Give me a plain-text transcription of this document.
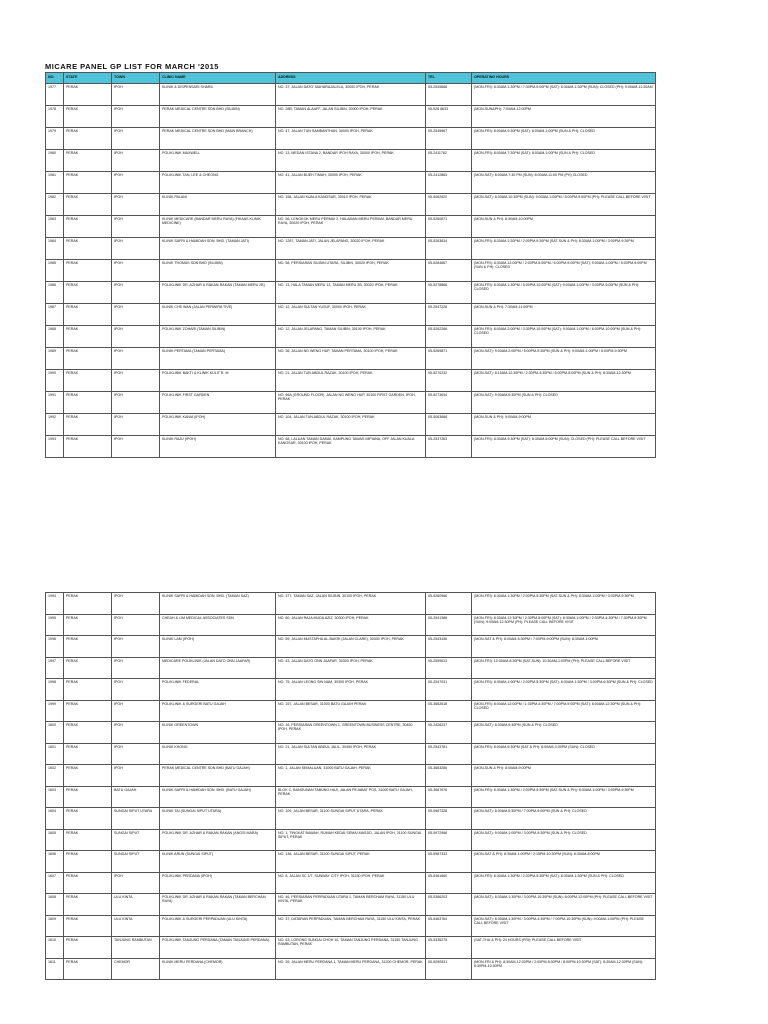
MICARE PANEL GP LIST FOR MARCH '2015
NO.	STATE	TOWN	CLINIC NAME	ADDRESS	TEL	OPERATING HOURS
1977	PERAK	IPOH	KLINIK & DISPENSARI SHARIL	NO. 37, JALAN DATO' MAHARAJALELA, 30000 IPOH, PERAK	05-2545668	(MON-FRI): 8:30AM-1:30PM / 7:30PM-9:00PM (SAT): 8:30AM-1:30PM (SUN): CLOSED (PH): 9:00AM-11:30AM
1978	PERAK	IPOH	PERAK MEDICAL CENTRE SDN BHD (SILIBIN)	NO. 28B, TAMAN ALAAFF, JALAN SILIBIN, 30000 IPOH, PERAK	05-526 8633	(MON-SUN&PH): 7:00AM-12:00PM
1979	PERAK	IPOH	PERAK MEDICAL CENTRE SDN BHD (MAIN BRANCH)	NO. 47, JALAN TUN SAMBANTHAN, 30000 IPOH, PERAK	05-2545667	(MON-FRI): 8:00AM-9:30PM (SAT): 8:00AM-1:00PM (SUN & PH): CLOSED
1980	PERAK	IPOH	POLIKLINIK MAXWELL	NO. 13, MEDAN ISTANA 2, BANDAR IPOH RAYA, 30000 IPOH, PERAK	05-2411762	(MON-FRI): 8:00AM-7:30PM (SAT): 8:00AM-1:00PM (SUN & PH): CLOSED
1981	PERAK	IPOH	POLIKLINIK TAN, LEE & CHEONG	NO. 41, JALAN BIJEH TIMAH, 30000 IPOH, PERAK	05-2412863	(MON-SAT): 8:00AM-7:30 PM (SUN): 8:00AM-11:00 PM (PH) CLOSED
1982	PERAK	IPOH	KLINIK PALANI	NO. 158, JALAN KUALA KANGSAR, 30010 IPOH, PERAK	05-5062620	(MON-SAT): 8:30AM-10:30PM (SUN): 9:00AM-1:00PM / 5:00PM-9:00PM (PH): PLEASE CALL BEFORE VISIT
1983	PERAK	IPOH	KLINIK MEDICARE (BANDAR MERU RAYA) (FIKAAS KLINIK MEDICINE)	NO. 56, LENGKOK MERU PERMAI 2, HALAMAN MERU PERMAI, BANDAR MERU RAYA, 30020 IPOH, PERAK	05-5260871	(MON-SUN & PH): 8:30AM-10:00PM
1984	PERAK	IPOH	KLINIK SAFRI & HAMIDAH SDN. BHD. (TAMAN JATI)	NO. 1287, TAMAN JATI, JALAN JELAPANG, 30020 IPOH, PERAK	05-5263634	(MON-FRI): 8:30AM-1:30PM / 2:00PM-9:30PM (SAT-SUN & PH): 8:30AM-1:00PM / 3:00PM-9:30PM
1985	PERAK	IPOH	KLINIK THOMAS SDN BHD (SILIBIN)	NO. 58, PERSIARAN SILIBIN UTARA, SILIBIN, 30020 IPOH, PERAK	05-5284667	(MON-FRI): 8:30AM-12:00PM / 2:00PM-5:00PM / 6:00PM-9:00PM (SAT): 9:00AM-1:00PM / 5:00PM-9:00PM (SUN & PH): CLOSED
1986	PERAK	IPOH	POLIKLINIK DR. AZHAR & RAKAN-RAKAN (TAMAN MERU 2B)	NO. 13, HALA TAMAN MERU 13, TAMAN MERU 2B, 30020 IPOH, PERAK	05-5278868	(MON-FRI): 8:30AM-1:30PM / 5:00PM-10:00PM (SAT): 9:00AM-1:00PM / 3:00PM-9:00PM (SUN & PH): CLOSED
1987	PERAK	IPOH	KLINIK CHE WAN (JALAN PERWIRA TIVE)	NO. 12, JALAN SULTAN YUSUF, 30000 IPOH, PERAK	05-2547228	(MON-SUN & PH): 7:30AM-11:00PM
1988	PERAK	IPOH	POLIKLINIK ZOHARI (TAMAN SILIBIN)	NO. 12, JALAN JELAPANG, TAMAN SILIBIN, 30100 IPOH, PERAK	05-5262266	(MON-FRI): 8:00AM-2:00PM / 3:30PM-10:00PM (SAT): 9:00AM-1:00PM / 6:00PM-10:00PM (SUN & PH): CLOSED
1989	PERAK	IPOH	KLINIK PERTAMA (TAMAN PERTAMA)	NO. 36, JALAN NG WENG HUP, TAMAN PERTAMA, 30100 IPOH, PERAK	05-5269871	(MON-SAT): 9:00AM-2:00PM / 5:00PM-9:30PM (SUN & PH): 9:00AM-1:00PM / 5:00PM-9:30PM
1990	PERAK	IPOH	POLIKLINIK BAKTI & KLINIK KULIT R. M	NO. 21, JALAN TUN ABDUL RAZAK, 30100 IPOH, PERAK	05-5270232	(MON-SAT): 8:15AM-12:30PM / 2:30PM-4:30PM / 6:00PM-8:00PM (SUN & PH): 8:30AM-12:30PM
1991	PERAK	IPOH	POLIKLINIK FIRST GARDEN	NO. 66A (GROUND FLOOR), JALAN NG WENG HUP, 30100 FIRST GARDEN, IPOH, PERAK	05-5273634	(MON-SAT): 9:00AM-9:30PM (SUN & PH): CLOSED
1992	PERAK	IPOH	POLIKLINIK KANIA (IPOH)	NO. 104, JALAN TUN ABDUL RAZAK, 30100 IPOH, PERAK	05-5063668	(MON-SUN & PH): 9:00AM-9:00PM
1993	PERAK	IPOH	KLINIK RAJU (IPOH)	NO. 68, LALUAN TAMAN DAMAI, KAMPUNG TAWAS IMPIANA, OFF JALAN KUALA KANGSAR, 30100 IPOH, PERAK	05-2537263	(MON-FRI): 8:30AM-9:30PM (SAT): 8:30AM-5:00PM (SUN): CLOSED (PH): PLEASE CALL BEFORE VISIT
1994	PERAK	IPOH	KLINIK SAFRI & HAMIDAH SDN. BHD. (TAMAN SAZ)	NO. 377, TAMAN SAZ, JALAN SILIBIN, 30100 IPOH, PERAK	05-5260966	(MON-FRI): 8:30AM-1:30PM / 2:00PM-9:30PM (SAT-SUN & PH): 8:30AM-1:00PM / 3:00PM-9:30PM
1995	PERAK	IPOH	CHEAH & LIM MEDICAL ASSOCIATES SDN	NO. 60, JALAN RAJA MUDA AZIZ, 30300 IPOH, PERAK	05-2541388	(MON-FRI): 8:30AM-12:30PM / 2:30PM-5:00PM (SAT): 8:30AM-1:00PM / 2:30PM-4:30PM / 7:30PM-9:30PM (SUN): 9:00AM-12:30PM (PH): PLEASE CALL BEFORE VISIT
1996	PERAK	IPOH	KLINIK LAM (IPOH)	NO. 59, JALAN MUSTAPHA AL-BAKRI (JALAN CLARE), 30300 IPOH, PERAK	05-2543436	(MON-SAT & PH): 8:00AM-5:30PM / 7:00PM-9:00PM (SUN): 8:30AM-1:00PM
1997	PERAK	IPOH	MEDICARE POLIKLINIK (JALAN DATO ONN JAAFAR)	NO. 43, JALAN DATO ONN JAAFAR, 30300 IPOH, PERAK	05-2559613	(MON-FRI): 10:30AM-8:30PM (SAT-SUN): 10:30AM-1:00PM (PH): PLEASE CALL BEFORE VISIT
1998	PERAK	IPOH	POLIKLINIK FEDERAL	NO. 75, JALAN LEONG SIN NAM, 30300 IPOH, PERAK	05-2547031	(MON-FRI): 8:30AM-1:00PM / 2:00PM-5:30PM (SAT): 8:30AM-1:30PM / 3:00PM-6:30PM (SUN & PH): CLOSED
1999	PERAK	IPOH	POLIKLINIK & SURGERI BATU GAJAH	NO. 157, JALAN BESAR, 31000 BATU GAJAH PERAK	05-3662618	(MON-FRI): 8:00AM-12:00PM / 1:30PM-4:30PM / 7:00PM-9:00PM (SAT): 8:00AM-12:30PM (SUN & PH): CLOSED
1600	PERAK	IPOH	KLINIK GREENTOWN	NO. 16, PERSIARAN GREENTOWN 1, GREENTOWN BUSINESS CENTRE, 30450 IPOH, PERAK	05-2426237	(MON-SAT): 8:30AM-9:30PM (SUN & PH): CLOSED
1601	PERAK	IPOH	KLINIK KHONG	NO. 21, JALAN SULTAN ABDUL JALIL, 30450 IPOH, PERAK	05-2543781	(MON-FRI): 8:00AM-5:30PM (SAT & PH): 8:00AM-3:30PM (SUN): CLOSED
1602	PERAK	IPOH	PERAK MEDICAL CENTRE SDN BHD (BATU GAJAH)	NO. 1, JALAN SEMALUAN, 31000 BATU GAJAH, PERAK	05-3663266	(MON-SUN & PH): 8:00AM-9:00PM
1603	PERAK	BATU GAJAH	KLINIK SAFRI & HAMIDAH SDN. BHD. (BATU GAJAH)	BLOK C, BANGUNAN TABUNG HAJI, JALAN PEJABAT POS, 31000 BATU GAJAH, PERAK	05-3667676	(MON-FRI): 8:30AM-1:30PM / 2:00PM-9:30PM (SAT-SUN & PH): 8:30AM-1:00PM / 3:00PM-9:30PM
1604	PERAK	SUNGAI SIPUT UTARA	KLINIK TAI (SUNGAI SIPUT UTARA)	NO. 109, JALAN BESAR, 31100 SUNGAI SIPUT UTARA, PERAK	05-5987328	(MON-SAT): 8:30AM-5:30PM / 7:00PM-9:00PM (SUN & PH): CLOSED
1605	PERAK	SUNGAI SIPUT	POLIKLINIK DR. AZHAR & RAKAN-RAKAN (ANGSI MARA)	NO. 1, TINGKAT BAWAH, RUMAH KEDAI SEMAI MASJID, JALAN IPOH, 31100 SUNGAI SIPUT, PERAK	05-5972968	(MON-SAT): 9:00AM-1:00PM / 3:00PM-9:30PM (SUN & PH): CLOSED
1606	PERAK	SUNGAI SIPUT	KLINIK ARUN (SUNGAI SIPUT)	NO. 136, JALAN BESAR, 31100 SUNGAI SIPUT, PERAK	05-5987333	(MON-SAT & PH): 8:30AM-1:00PM / 2:15PM-10:30PM (SUN): 8:30AM-8:00PM
1607	PERAK	IPOH	POLIKLINIK PERDANA (IPOH)	NO. 8, JALAN SC 1/7, SUNWAY CITY IPOH, 31150 IPOH, PERAK	05-5461660	(MON-FRI): 8:30AM-1:30PM / 2:30PM-9:30PM (SAT): 8:30AM-1:30PM (SUN & PH): CLOSED
1608	PERAK	ULU KINTA	POLIKLINIK DR. AZHAR & RAKAN-RAKAN (TAMAN BERCHAM RAYA)	NO. 46, PERSIARAN PERPADUAN UTARA 1, TAMAN BERCHAM RAYA, 31150 ULU KINTA, PERAK	05-5366203	(MON-SAT): 8:30AM-1:30PM / 3:00PM-10:30PM (SUN): 8:00PM-12:00PM (PH): PLEASE CALL BEFORE VISIT
1609	PERAK	ULU KINTA	POLIKLINIK & SURGERI PERPADUAN (ULU KINTA)	NO. 37, DATARAN PERPADUAN, TAMAN BERCHAM RAYA, 31150 ULU KINTA, PERAK	05-5463764	(MON-SAT): 8:30AM-1:30PM / 3:00PM-4:30PM / 7:00PM-10:30PM (SUN): 9:00AM-1:00PM (PH): PLEASE CALL BEFORE VISIT
1610	PERAK	TANJUNG RAMBUTAN	POLIKLINIK TANJUNG PERDANA (TAMAN TANJUNG PERDANA)	NO. 63, LORONG SUNGAI CHOH 10, TAMAN TANJUNG PERDANA, 31150 TANJUNG RAMBUTAN, PERAK	05-5336275	(SAT-THU & PH): 24 HOURS (FRI): PLEASE CALL BEFORE VISIT
1611	PERAK	CHEMOR	KLINIK MERU PERDANA (CHEMOR)	NO. 39, JALAN MERU PERDANA 1, TAMAN MERU PERDANA, 31200 CHEMOR, PERAK	05-5290531	(MON-FRI & PH): 8:30AM-12:30PM / 2:00PM-5:30PM / 8:00PM-10:30PM (SAT): 8:30AM-12:30PM (SUN): 8:30PM-10:30PM
